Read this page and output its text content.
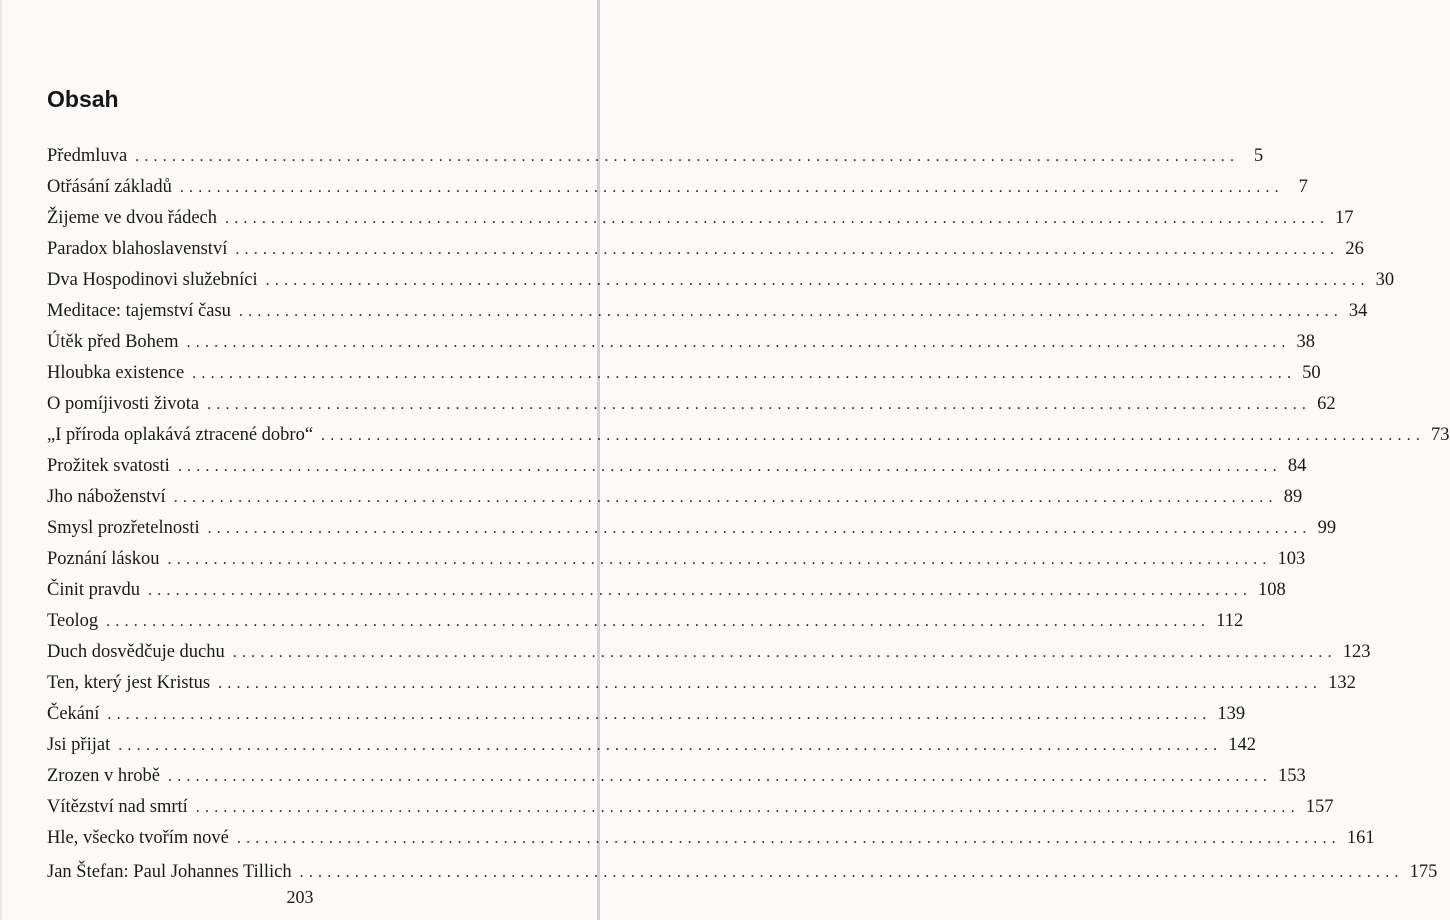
Obsah
Předmluva ........................................................................................................................ 5
Otřásání základů ........................................................................................................................ 7
Žijeme ve dvou řádech ........................................................................................................................ 17
Paradox blahoslavenství ........................................................................................................................ 26
Dva Hospodinovi služebníci ........................................................................................................................ 30
Meditace: tajemství času ........................................................................................................................ 34
Útěk před Bohem ........................................................................................................................ 38
Hloubka existence ........................................................................................................................ 50
O pomíjivosti života ........................................................................................................................ 62
„I příroda oplakává ztracené dobro“ ........................................................................................................................ 73
Prožitek svatosti ........................................................................................................................ 84
Jho náboženství ........................................................................................................................ 89
Smysl prozřetelnosti ........................................................................................................................ 99
Poznání láskou ........................................................................................................................ 103
Činit pravdu ........................................................................................................................ 108
Teolog ........................................................................................................................ 112
Duch dosvědčuje duchu ........................................................................................................................ 123
Ten, který jest Kristus ........................................................................................................................ 132
Čekání ........................................................................................................................ 139
Jsi přijat ........................................................................................................................ 142
Zrozen v hrobě ........................................................................................................................ 153
Vítězství nad smrtí ........................................................................................................................ 157
Hle, všecko tvořím nové ........................................................................................................................ 161
Jan Štefan: Paul Johannes Tillich ........................................................................................................................ 175
203
